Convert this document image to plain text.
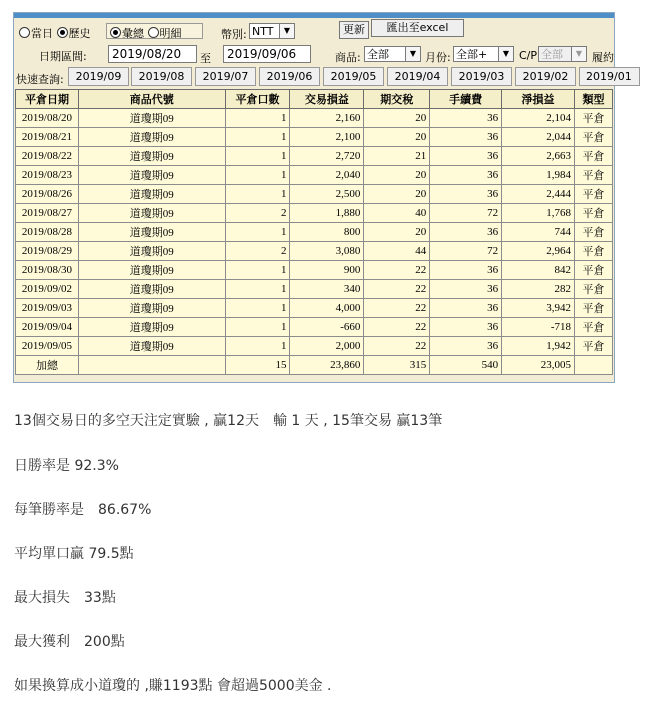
當日 歷史	彙總 明細	幣別: NTT	▼	更新	匯出至excel
日期區間:	2019/08/20	至	2019/09/06	商品: 全部	▼ 月份: 全部+	▼ C/P 全部	▼ 履約
快速查詢:	2019/09	2019/08	2019/07	2019/06	2019/05	2019/04	2019/03	2019/02	2019/01
平倉日期	商品代號	平倉口數	交易損益	期交稅	手續費	淨損益	類型
2019/08/20	道瓊期09	1	2,160	20	36	2,104	平倉
2019/08/21	道瓊期09	1	2,100	20	36	2,044	平倉
2019/08/22	道瓊期09	1	2,720	21	36	2,663	平倉
2019/08/23	道瓊期09	1	2,040	20	36	1,984	平倉
2019/08/26	道瓊期09	1	2,500	20	36	2,444	平倉
2019/08/27	道瓊期09	2	1,880	40	72	1,768	平倉
2019/08/28	道瓊期09	1	800	20	36	744	平倉
2019/08/29	道瓊期09	2	3,080	44	72	2,964	平倉
2019/08/30	道瓊期09	1	900	22	36	842	平倉
2019/09/02	道瓊期09	1	340	22	36	282	平倉
2019/09/03	道瓊期09	1	4,000	22	36	3,942	平倉
2019/09/04	道瓊期09	1	-660	22	36	-718	平倉
2019/09/05	道瓊期09	1	2,000	22	36	1,942	平倉
加總		15	23,860	315	540	23,005	
13個交易日的多空天注定實驗 , 贏12天　輸 1 天 , 15筆交易 贏13筆
日勝率是 92.3%
每筆勝率是　86.67%
平均單口贏 79.5點
最大損失　33點
最大獲利　200點
如果換算成小道瓊的 ,賺1193點 會超過5000美金 .
